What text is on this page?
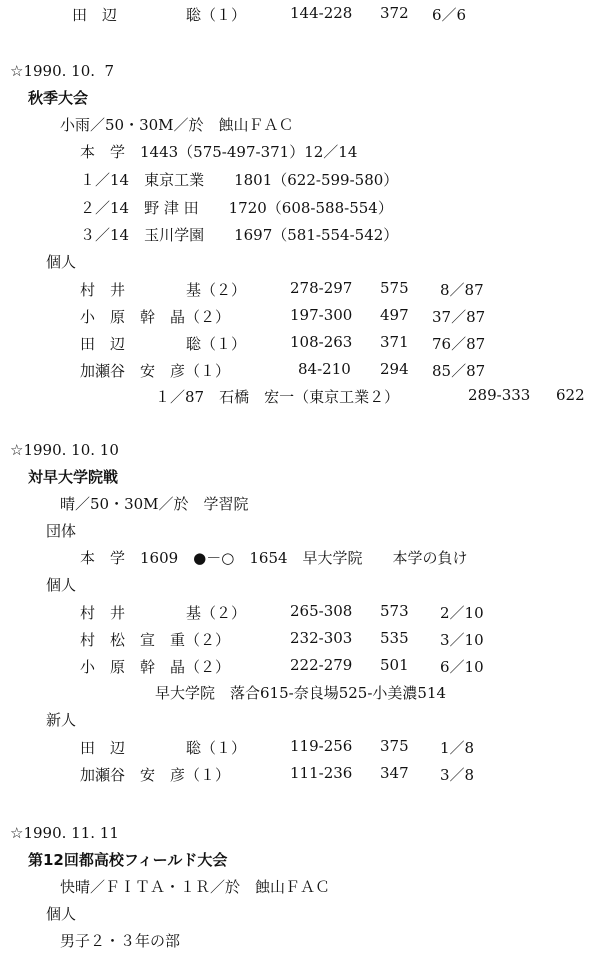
田　辺	聡（１）	144-228 372 6／6
☆1990. 10.  7
秋季大会
小雨／50・30M／於　蝕山ＦＡＣ
本　学　1443（575-497-371）12／14
１／14　東京工業　　1801（622-599-580）
２／14　野 津 田　　1720（608-588-554）
３／14　玉川学園　　1697（581-554-542）
個人
村　井	基（２）	278-297 575 8／87
小　原 幹　晶（２）	197-300 497 37／87
田　辺	聡（１）	108-263 371 76／87
加瀬谷 安　彦（１）	84-210 294 85／87
１／87　石橋　宏一（東京工業２）	289-333 622
☆1990. 10. 10
対早大学院戦
晴／50・30M／於　学習院
団体
本　学　1609　●－○　1654　早大学院　　本学の負け
個人
村　井	基（２）	265-308 573 2／10
村　松 宣　重（２）	232-303 535 3／10
小　原 幹　晶（２）	222-279 501 6／10
早大学院　落合615-奈良場525-小美濃514
新人
田　辺	聡（１）	119-256 375 1／8
加瀬谷 安　彦（１）	111-236 347 3／8
☆1990. 11. 11
第12回都高校フィールド大会
快晴／ＦＩＴＡ・１Ｒ／於　蝕山ＦＡＣ
個人
男子２・３年の部
